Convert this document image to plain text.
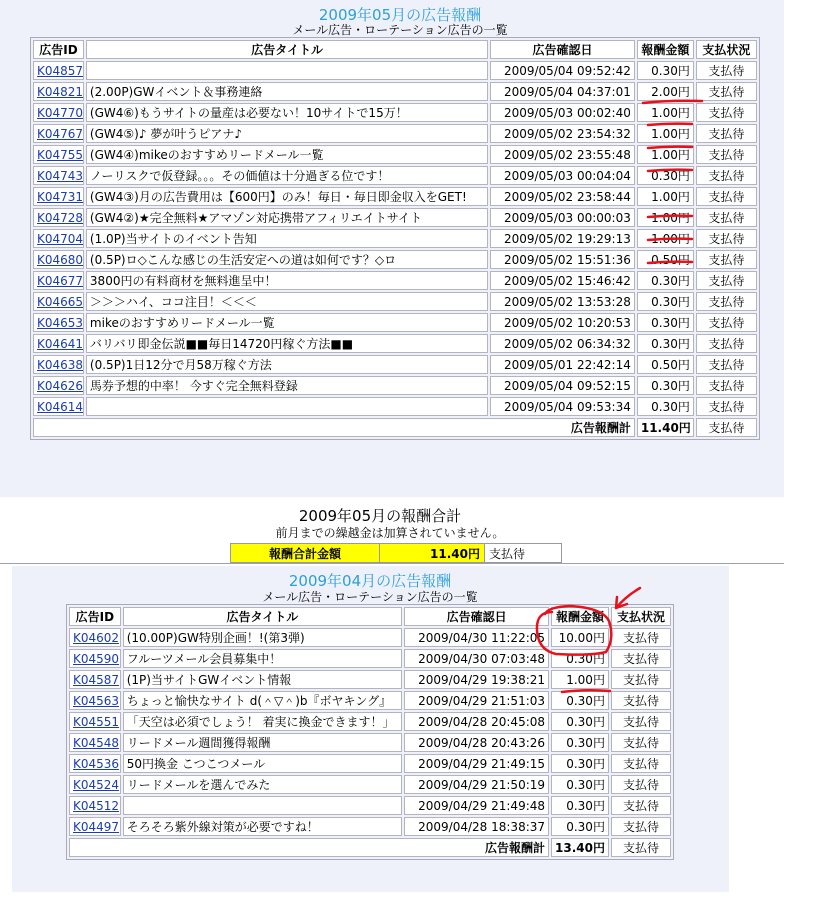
2009年05月の広告報酬
メール広告・ローテーション広告の一覧
広告ID	広告タイトル	広告確認日	報酬金額	支払状況
K04857		2009/05/04 09:52:42	0.30円	支払待
K04821	(2.00P)GWイベント＆事務連絡	2009/05/04 04:37:01	2.00円	支払待
K04770	(GW4⑥)もうサイトの量産は必要ない！10サイトで15万！	2009/05/03 00:02:40	1.00円	支払待
K04767	(GW4⑤)♪ 夢が叶うピアナ♪	2009/05/02 23:54:32	1.00円	支払待
K04755	(GW4④)mikeのおすすめリードメール一覧	2009/05/02 23:55:48	1.00円	支払待
K04743	ノーリスクで仮登録。。。その価値は十分過ぎる位です！	2009/05/03 00:04:04	0.30円	支払待
K04731	(GW4③)月の広告費用は【600円】のみ！毎日・毎日即金収入をGET!	2009/05/02 23:58:44	1.00円	支払待
K04728	(GW4②)★完全無料★アマゾン対応携帯アフィリエイトサイト	2009/05/03 00:00:03	1.00円	支払待
K04704	(1.0P)当サイトのイベント告知	2009/05/02 19:29:13	1.00円	支払待
K04680	(0.5P)ロ◇こんな感じの生活安定への道は如何です？◇ロ	2009/05/02 15:51:36	0.50円	支払待
K04677	3800円の有料商材を無料進呈中！	2009/05/02 15:46:42	0.30円	支払待
K04665	＞＞＞ハイ、ココ注目！＜＜＜	2009/05/02 13:53:28	0.30円	支払待
K04653	mikeのおすすめリードメール一覧	2009/05/02 10:20:53	0.30円	支払待
K04641	バリバリ即金伝説■■毎日14720円稼ぐ方法■■	2009/05/02 06:34:32	0.30円	支払待
K04638	(0.5P)1日12分で月58万稼ぐ方法	2009/05/01 22:42:14	0.50円	支払待
K04626	馬券予想的中率！ 今すぐ完全無料登録	2009/05/04 09:52:15	0.30円	支払待
K04614		2009/05/04 09:53:34	0.30円	支払待
広告報酬計			11.40円	支払待
2009年05月の報酬合計
前月までの繰越金は加算されていません。
報酬合計金額	11.40円	支払待
2009年04月の広告報酬
メール広告・ローテーション広告の一覧
広告ID	広告タイトル	広告確認日	報酬金額	支払状況
K04602	(10.00P)GW特別企画！!(第3弾)	2009/04/30 11:22:05	10.00円	支払待
K04590	フルーツメール会員募集中！	2009/04/30 07:03:48	0.30円	支払待
K04587	(1P)当サイトGWイベント情報	2009/04/29 19:38:21	1.00円	支払待
K04563	ちょっと愉快なサイト d(＾▽＾)b『ボヤキング』	2009/04/29 21:51:03	0.30円	支払待
K04551	「天空は必須でしょう！ 着実に換金できます！」	2009/04/28 20:45:08	0.30円	支払待
K04548	リードメール週間獲得報酬	2009/04/28 20:43:26	0.30円	支払待
K04536	50円換金 こつこつメール	2009/04/29 21:49:15	0.30円	支払待
K04524	リードメールを選んでみた	2009/04/29 21:50:19	0.30円	支払待
K04512		2009/04/29 21:49:48	0.30円	支払待
K04497	そろそろ紫外線対策が必要ですね！	2009/04/28 18:38:37	0.30円	支払待
広告報酬計			13.40円	支払待
